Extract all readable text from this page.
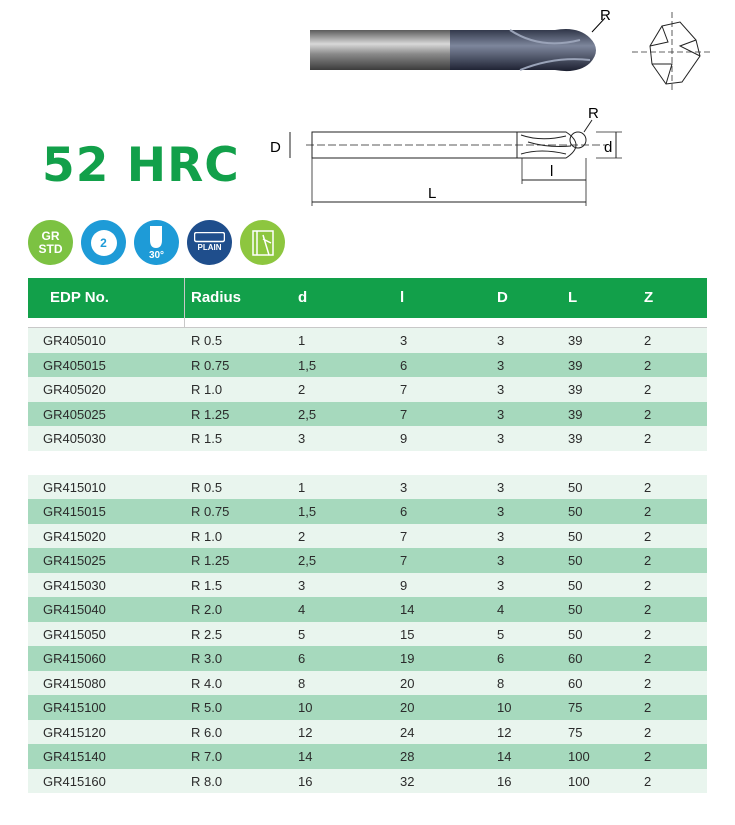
R
D
R
d
l
L
52 HRC
GR
STD	2
30°
PLAIN
EDP No.	Radius	d	l	D	L	Z
GR405010	R 0.5	1	3	3	39	2
GR405015	R 0.75	1,5	6	3	39	2
GR405020	R 1.0	2	7	3	39	2
GR405025	R 1.25	2,5	7	3	39	2
GR405030	R 1.5	3	9	3	39	2
GR415010	R 0.5	1	3	3	50	2
GR415015	R 0.75	1,5	6	3	50	2
GR415020	R 1.0	2	7	3	50	2
GR415025	R 1.25	2,5	7	3	50	2
GR415030	R 1.5	3	9	3	50	2
GR415040	R 2.0	4	14	4	50	2
GR415050	R 2.5	5	15	5	50	2
GR415060	R 3.0	6	19	6	60	2
GR415080	R 4.0	8	20	8	60	2
GR415100	R 5.0	10	20	10	75	2
GR415120	R 6.0	12	24	12	75	2
GR415140	R 7.0	14	28	14	100	2
GR415160	R 8.0	16	32	16	100	2
